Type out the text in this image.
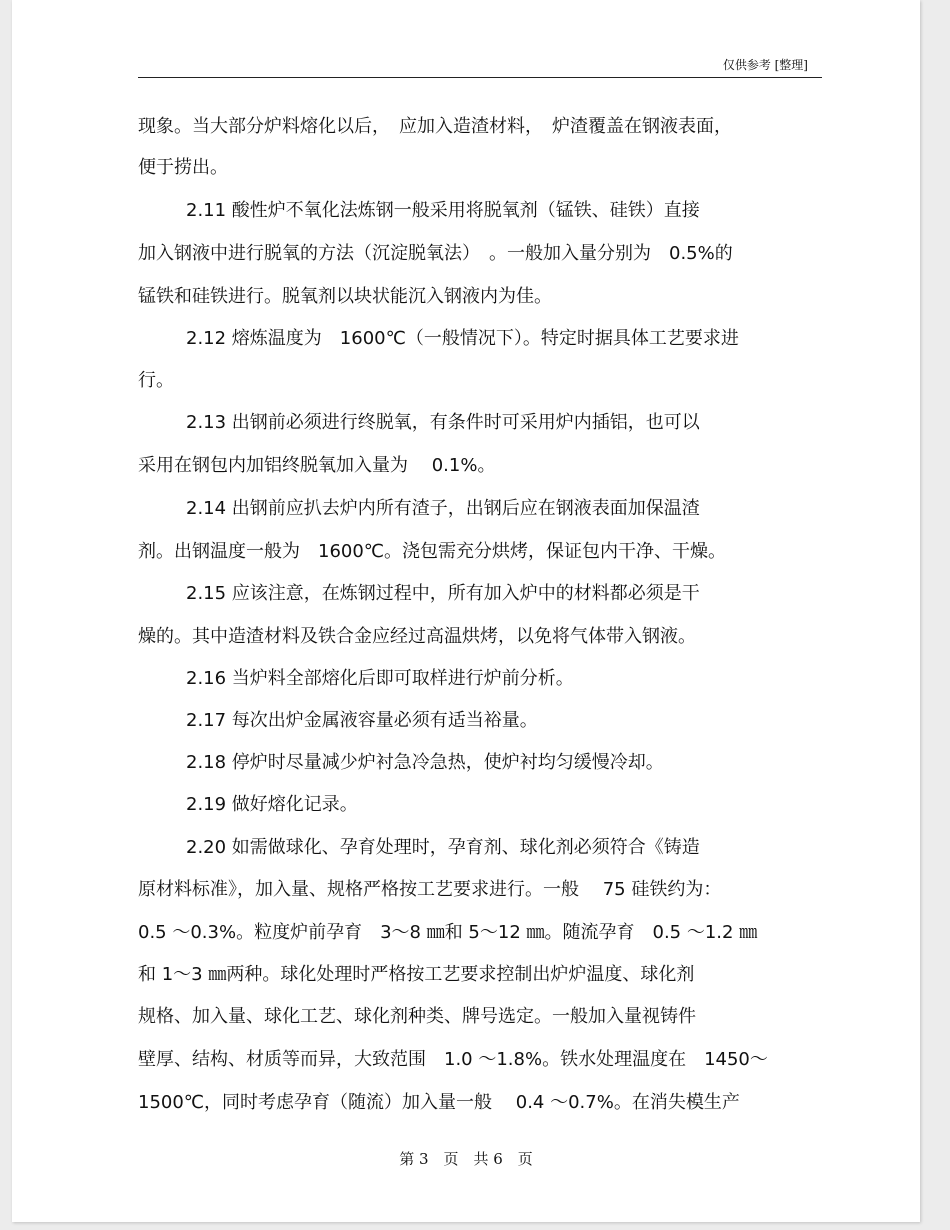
仅供参考 [整理]
现象。当大部分炉料熔化以后，　应加入造渣材料，　炉渣覆盖在钢液表面，
便于捞出。
2.11 酸性炉不氧化法炼钢一般采用将脱氧剂（锰铁、硅铁）直接
加入钢液中进行脱氧的方法（沉淀脱氧法）　。一般加入量分别为　0.5%的
锰铁和硅铁进行。脱氧剂以块状能沉入钢液内为佳。
2.12 熔炼温度为　1600℃（一般情况下）。特定时据具体工艺要求进
行。
2.13 出钢前必须进行终脱氧，有条件时可采用炉内插铝，也可以
采用在钢包内加铝终脱氧加入量为　 0.1%。
2.14 出钢前应扒去炉内所有渣子，出钢后应在钢液表面加保温渣
剂。出钢温度一般为　1600℃。浇包需充分烘烤，保证包内干净、干燥。
2.15 应该注意，在炼钢过程中，所有加入炉中的材料都必须是干
燥的。其中造渣材料及铁合金应经过高温烘烤，以免将气体带入钢液。
2.16 当炉料全部熔化后即可取样进行炉前分析。
2.17 每次出炉金属液容量必须有适当裕量。
2.18 停炉时尽量减少炉衬急冷急热，使炉衬均匀缓慢冷却。
2.19 做好熔化记录。
2.20 如需做球化、孕育处理时，孕育剂、球化剂必须符合《铸造
原材料标准》，加入量、规格严格按工艺要求进行。一般　 75 硅铁约为：
0.5 ～0.3%。粒度炉前孕育　3～8 ㎜和 5～12 ㎜。随流孕育　0.5 ～1.2 ㎜
和 1～3 ㎜两种。球化处理时严格按工艺要求控制出炉炉温度、球化剂
规格、加入量、球化工艺、球化剂种类、牌号选定。一般加入量视铸件
壁厚、结构、材质等而异，大致范围　1.0 ～1.8%。铁水处理温度在　1450～
1500℃，同时考虑孕育（随流）加入量一般　 0.4 ～0.7%。在消失模生产
第 3　页　共 6　页
